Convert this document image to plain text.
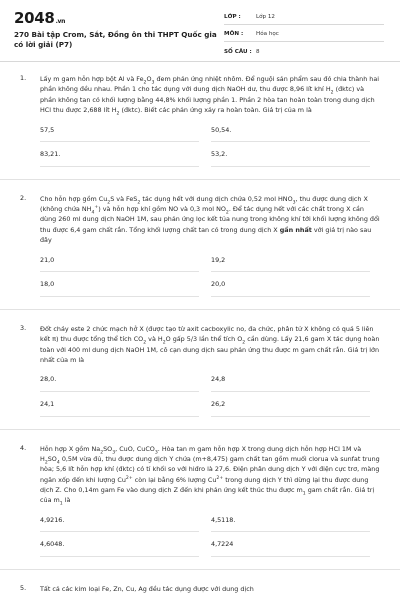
2048.vn
270 Bài tập Crom, Sắt, Đồng ôn thi THPT Quốc gia có lời giải (P7)
LỚP :	Lớp 12
MÔN :	Hóa học
SỐ CÂU : 8
1. Lấy m gam hỗn hợp bột Al và $Fe_2O_3$ đem phản ứng nhiệt nhôm. Để nguội sản phẩm sau đó chia thành hai phần không đều nhau. Phần 1 cho tác dụng với dung dịch NaOH dư, thu được 8,96 lít khí $H_2$ (đktc) và phần không tan có khối lượng bằng 44,8% khối lượng phần 1. Phần 2 hòa tan hoàn toàn trong dung dịch HCl thu được 2,688 lít $H_2$ (đktc). Biết các phản ứng xảy ra hoàn toàn. Giá trị của m là
57,5	50,54.
83,21.	53,2.
2. Cho hỗn hợp gồm $Cu_2S$ và FeS$_2$ tác dụng hết với dung dịch chứa 0,52 mol $HNO_3$, thu được dung dịch X (không chứa $NH_4^+$) và hỗn hợp khí gồm NO và 0,3 mol $NO_2$. Để tác dụng hết với các chất trong X cần dùng 260 ml dung dịch NaOH 1M, sau phản ứng lọc kết tủa nung trong không khí tới khối lượng không đổi thu được 6,4 gam chất rắn. Tổng khối lượng chất tan có trong dung dịch X gần nhất với giá trị nào sau đây
21,0	19,2
18,0	20,0
3. Đốt cháy este 2 chức mạch hở X (được tạo từ axit cacboxylic no, đa chức, phân tử X không có quá 5 liên kết π) thu được tổng thể tích $CO_2$ và $H_2O$ gấp 5/3 lần thể tích $O_2$ cần dùng. Lấy 21,6 gam X tác dụng hoàn toàn với 400 ml dung dịch NaOH 1M, cô cạn dung dịch sau phản ứng thu được m gam chất rắn. Giá trị lớn nhất của m là
28,0.	24,8
24,1	26,2
4. Hỗn hợp X gồm $Na_2SO_3$, CuO, CuCO$_3$. Hòa tan m gam hỗn hợp X trong dung dịch hỗn hợp HCl 1M và $H_2SO_4$ 0,5M vừa đủ, thu được dung dịch Y chứa (m+8,475) gam chất tan gồm muối clorua và sunfat trung hòa; 5,6 lít hỗn hợp khí (đktc) có tỉ khối so với hiđro là 27,6. Điện phân dung dịch Y với điện cực trơ, màng ngăn xốp đến khi lượng $Cu^{2+}$ còn lại bằng 6% lượng $Cu^{2+}$ trong dung dịch Y thì dừng lại thu được dung dịch Z. Cho 0,14m gam Fe vào dung dịch Z đến khi phản ứng kết thúc thu được $m_1$ gam chất rắn. Giá trị của $m_1$ là
4,9216.	4,5118.
4,6048.	4,7224
5. Tất cả các kim loại Fe, Zn, Cu, Ag đều tác dụng được với dung dịch
